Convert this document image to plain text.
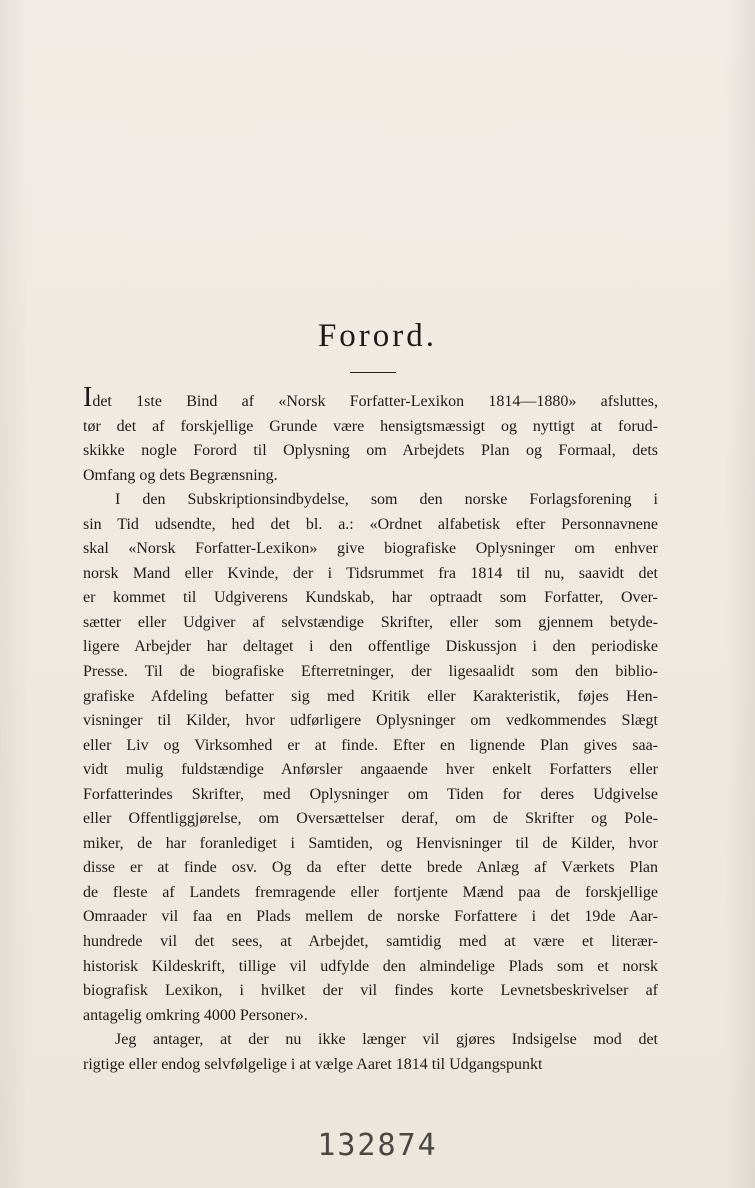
Forord.

Idet 1ste Bind af «Norsk Forfatter-Lexikon 1814—1880» afsluttes,

tør det af forskjellige Grunde være hensigtsmæssigt og nyttigt at forud-

skikke nogle Forord til Oplysning om Arbejdets Plan og Formaal, dets

Omfang og dets Begrænsning.

I den Subskriptionsindbydelse, som den norske Forlagsforening i

sin Tid udsendte, hed det bl. a.: «Ordnet alfabetisk efter Personnavnene

skal «Norsk Forfatter-Lexikon» give biografiske Oplysninger om enhver

norsk Mand eller Kvinde, der i Tidsrummet fra 1814 til nu, saavidt det

er kommet til Udgiverens Kundskab, har optraadt som Forfatter, Over-

sætter eller Udgiver af selvstændige Skrifter, eller som gjennem betyde-

ligere Arbejder har deltaget i den offentlige Diskussjon i den periodiske

Presse. Til de biografiske Efterretninger, der ligesaalidt som den biblio-

grafiske Afdeling befatter sig med Kritik eller Karakteristik, føjes Hen-

visninger til Kilder, hvor udførligere Oplysninger om vedkommendes Slægt

eller Liv og Virksomhed er at finde. Efter en lignende Plan gives saa-

vidt mulig fuldstændige Anførsler angaaende hver enkelt Forfatters eller

Forfatterindes Skrifter, med Oplysninger om Tiden for deres Udgivelse

eller Offentliggjørelse, om Oversættelser deraf, om de Skrifter og Pole-

miker, de har foranlediget i Samtiden, og Henvisninger til de Kilder, hvor

disse er at finde osv. Og da efter dette brede Anlæg af Værkets Plan

de fleste af Landets fremragende eller fortjente Mænd paa de forskjellige

Omraader vil faa en Plads mellem de norske Forfattere i det 19de Aar-

hundrede vil det sees, at Arbejdet, samtidig med at være et literær-

historisk Kildeskrift, tillige vil udfylde den almindelige Plads som et norsk

biografisk Lexikon, i hvilket der vil findes korte Levnetsbeskrivelser af

antagelig omkring 4000 Personer».

Jeg antager, at der nu ikke længer vil gjøres Indsigelse mod det

rigtige eller endog selvfølgelige i at vælge Aaret 1814 til Udgangspunkt

132874
